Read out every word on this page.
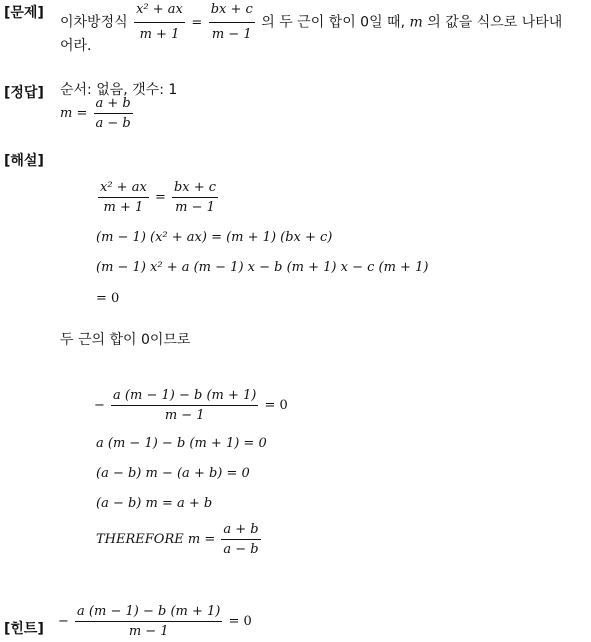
[문제]
이차방정식 $\frac{\text{x² + ax}}{m + 1} = \frac{bx + c}{m - 1}$ 의 두 근이 합이 0일 때, m 의 값을 식으로 나타내
어라.
[정답] 순서: 없음, 갯수: 1
$m = \frac{a + b}{a - b}$
[해설]
$\frac{\text{x² + ax}}{m + 1} = \frac{bx + c}{m - 1}$
(m − 1) (x² + ax) = (m + 1) (bx + c)
(m − 1) x² + a (m − 1) x − b (m + 1) x − c (m + 1)
= 0
두 근의 합이 0이므로
− $\frac{a (m - 1) - b (m + 1)}{m - 1} = 0$
a (m − 1) − b (m + 1) = 0
(a − b) m − (a + b) = 0
(a − b) m = a + b
THEREFORE $m = \frac{a + b}{a - b}$
[힌트] − $\frac{a (m - 1) - b (m + 1)}{m - 1} = 0$
